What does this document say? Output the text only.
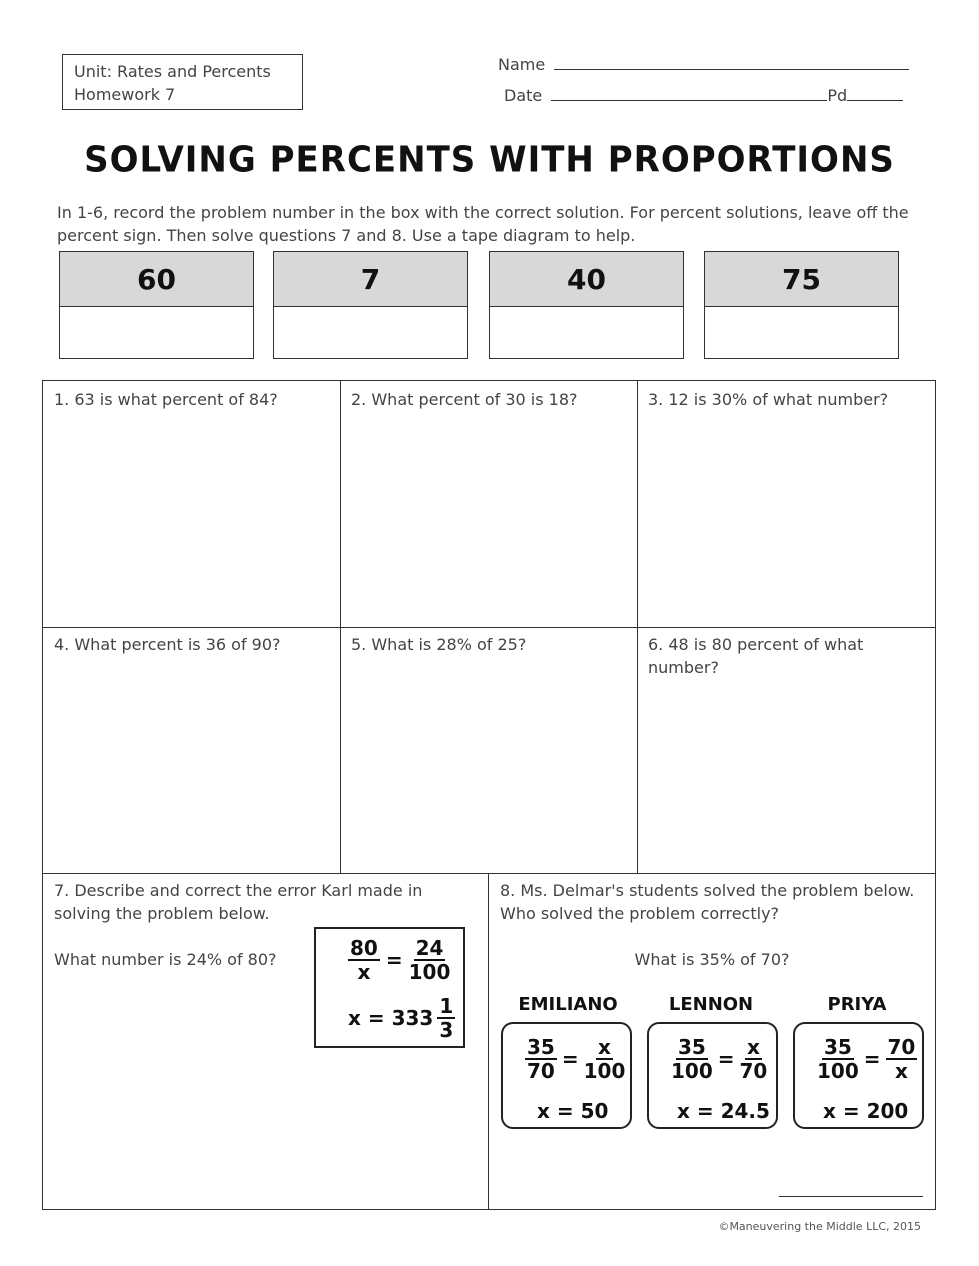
Unit: Rates and Percents
Homework 7
Name
Date	Pd
SOLVING PERCENTS WITH PROPORTIONS
In 1-6, record the problem number in the box with the correct solution. For percent solutions, leave off the percent sign. Then solve questions 7 and 8. Use a tape diagram to help.
60	7	40	75
1. 63 is what percent of 84?	2. What percent of 30 is 18?	3. 12 is 30% of what number?
4. What percent is 36 of 90?	5. What is 28% of 25?	6. 48 is 80 percent of what number?
7. Describe and correct the error Karl made in solving the problem below.
What number is 24% of 80?	$\frac{80}{x} = \frac{24}{100}$
$x = 333 \frac{1}{3}$
8. Ms. Delmar's students solved the problem below. Who solved the problem correctly?
What is 35% of 70?
EMILIANO	LENNON	PRIYA
$\frac{35}{70} = \frac{x}{100}$
x = 50
$\frac{35}{100} = \frac{x}{70}$
x = 24.5
$\frac{35}{100} = \frac{70}{x}$
x = 200
©Maneuvering the Middle LLC, 2015
